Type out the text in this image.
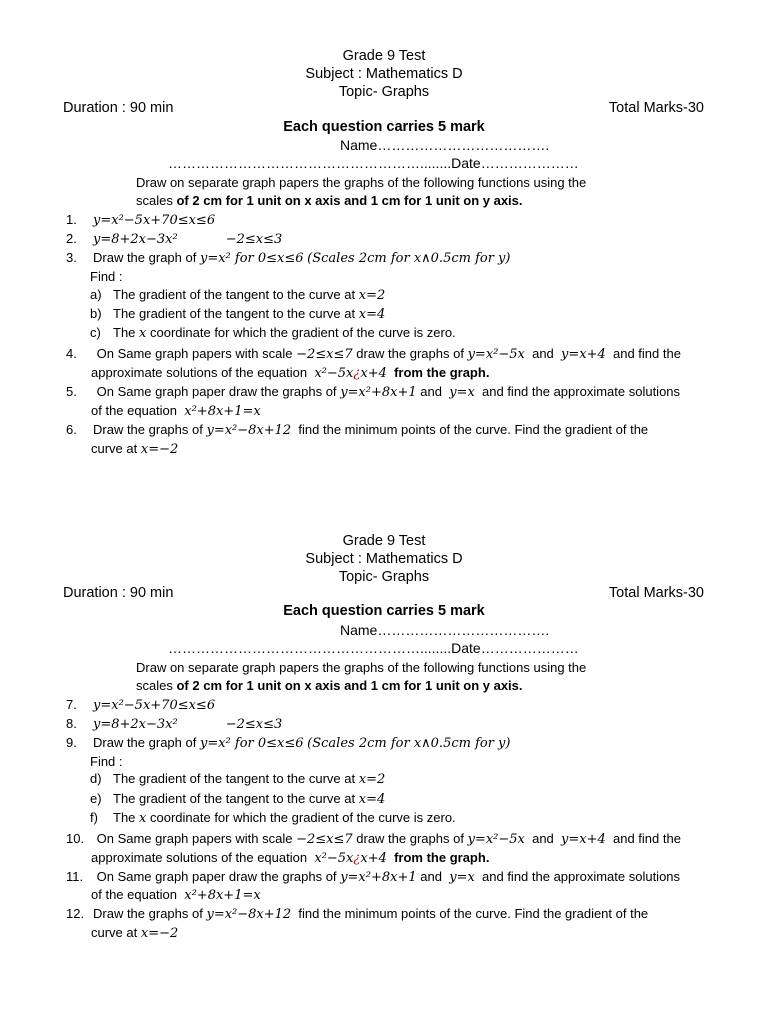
Grade 9 Test
Subject : Mathematics D
Topic- Graphs
Duration : 90 min	Total Marks-30
Each question carries 5 mark
Name……………………………….
………………………………………………........Date…………………
Draw on separate graph papers the graphs of the following functions using the
scales of 2 cm for 1 unit on x axis and 1 cm for 1 unit on y axis.
1. y=x²−5x+70≤x≤6
2. y=8+2x−3x²	−2≤x≤3
3. Draw the graph of y=x² for 0≤x≤6 (Scales 2cm for x∧0.5cm for y)
Find :
a) The gradient of the tangent to the curve at x=2
b) The gradient of the tangent to the curve at x=4
c) The x coordinate for which the gradient of the curve is zero.
4. On Same graph papers with scale −2≤x≤7 draw the graphs of y=x²−5x and y=x+4 and find the
approximate solutions of the equation x²−5x¿x+4 from the graph.
5. On Same graph paper draw the graphs of y=x²+8x+1 and y=x and find the approximate solutions
of the equation x²+8x+1=x
6. Draw the graphs of y=x²−8x+12 find the minimum points of the curve. Find the gradient of the
curve at x=−2
Grade 9 Test
Subject : Mathematics D
Topic- Graphs
Duration : 90 min	Total Marks-30
Each question carries 5 mark
Name……………………………….
………………………………………………........Date…………………
Draw on separate graph papers the graphs of the following functions using the
scales of 2 cm for 1 unit on x axis and 1 cm for 1 unit on y axis.
7. y=x²−5x+70≤x≤6
8. y=8+2x−3x²	−2≤x≤3
9. Draw the graph of y=x² for 0≤x≤6 (Scales 2cm for x∧0.5cm for y)
Find :
d) The gradient of the tangent to the curve at x=2
e) The gradient of the tangent to the curve at x=4
f) The x coordinate for which the gradient of the curve is zero.
10. On Same graph papers with scale −2≤x≤7 draw the graphs of y=x²−5x and y=x+4 and find the
approximate solutions of the equation x²−5x¿x+4 from the graph.
11. On Same graph paper draw the graphs of y=x²+8x+1 and y=x and find the approximate solutions
of the equation x²+8x+1=x
12. Draw the graphs of y=x²−8x+12 find the minimum points of the curve. Find the gradient of the
curve at x=−2
